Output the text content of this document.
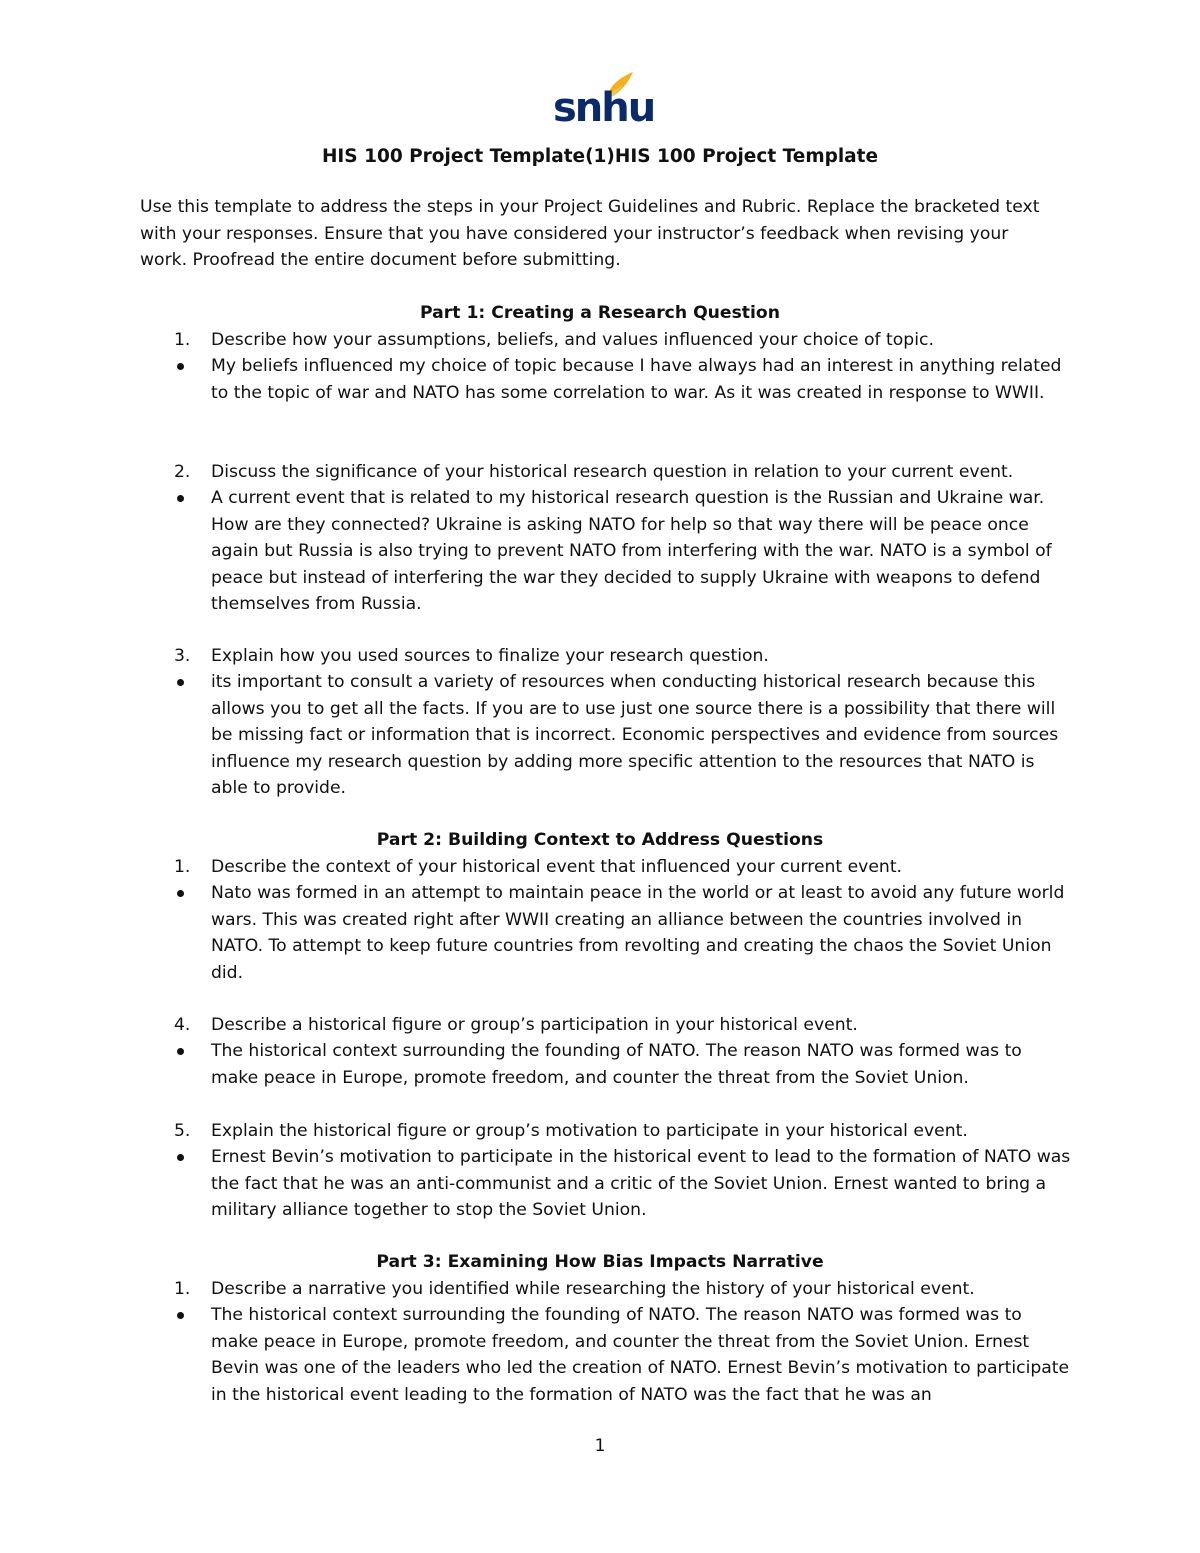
snhu
HIS 100 Project Template(1)HIS 100 Project Template

Use this template to address the steps in your Project Guidelines and Rubric. Replace the bracketed text with your responses. Ensure that you have considered your instructor’s feedback when revising your work. Proofread the entire document before submitting.

Part 1: Creating a Research Question
1.	Describe how your assumptions, beliefs, and values influenced your choice of topic.

My beliefs influenced my choice of topic because I have always had an interest in anything related to the topic of war and NATO has some correlation to war. As it was created in response to WWII.

2.	Discuss the significance of your historical research question in relation to your current event.

A current event that is related to my historical research question is the Russian and Ukraine war. How are they connected? Ukraine is asking NATO for help so that way there will be peace once again but Russia is also trying to prevent NATO from interfering with the war. NATO is a symbol of peace but instead of interfering the war they decided to supply Ukraine with weapons to defend themselves from Russia.

3.	Explain how you used sources to finalize your research question.

its important to consult a variety of resources when conducting historical research because this allows you to get all the facts. If you are to use just one source there is a possibility that there will be missing fact or information that is incorrect. Economic perspectives and evidence from sources influence my research question by adding more specific attention to the resources that NATO is able to provide.

Part 2: Building Context to Address Questions
1.	Describe the context of your historical event that influenced your current event.

Nato was formed in an attempt to maintain peace in the world or at least to avoid any future world wars. This was created right after WWII creating an alliance between the countries involved in NATO. To attempt to keep future countries from revolting and creating the chaos the Soviet Union did.

4.	Describe a historical figure or group’s participation in your historical event.

The historical context surrounding the founding of NATO. The reason NATO was formed was to make peace in Europe, promote freedom, and counter the threat from the Soviet Union.

5.	Explain the historical figure or group’s motivation to participate in your historical event.

Ernest Bevin’s motivation to participate in the historical event to lead to the formation of NATO was the fact that he was an anti-communist and a critic of the Soviet Union. Ernest wanted to bring a military alliance together to stop the Soviet Union.

Part 3: Examining How Bias Impacts Narrative
1.	Describe a narrative you identified while researching the history of your historical event.

The historical context surrounding the founding of NATO. The reason NATO was formed was to make peace in Europe, promote freedom, and counter the threat from the Soviet Union. Ernest Bevin was one of the leaders who led the creation of NATO. Ernest Bevin’s motivation to participate in the historical event leading to the formation of NATO was the fact that he was an

1
